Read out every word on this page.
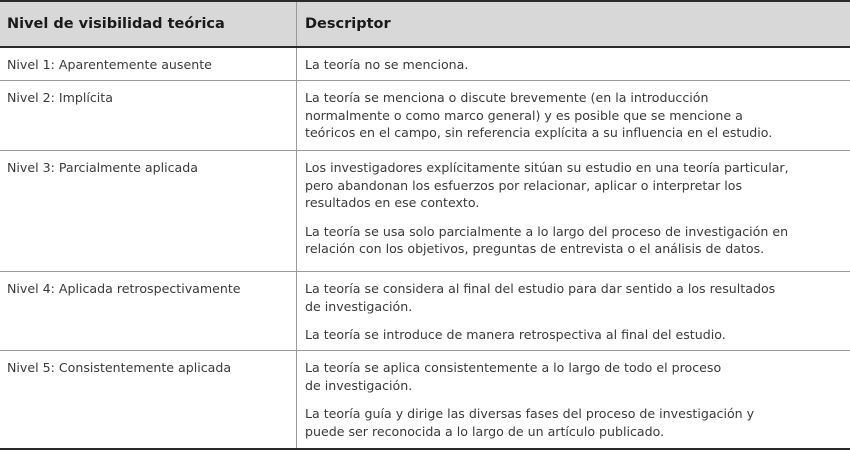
Nivel de visibilidad teórica	Descriptor
Nivel 1: Aparentemente ausente	La teoría no se menciona.

Nivel 2: Implícita	La teoría se menciona o discute brevemente (en la introducción
normalmente o como marco general) y es posible que se mencione a
teóricos en el campo, sin referencia explícita a su influencia en el estudio.

Nivel 3: Parcialmente aplicada	Los investigadores explícitamente sitúan su estudio en una teoría particular,
pero abandonan los esfuerzos por relacionar, aplicar o interpretar los
resultados en ese contexto.

La teoría se usa solo parcialmente a lo largo del proceso de investigación en
relación con los objetivos, preguntas de entrevista o el análisis de datos.

Nivel 4: Aplicada retrospectivamente	La teoría se considera al final del estudio para dar sentido a los resultados
de investigación.

La teoría se introduce de manera retrospectiva al final del estudio.

Nivel 5: Consistentemente aplicada	La teoría se aplica consistentemente a lo largo de todo el proceso
de investigación.

La teoría guía y dirige las diversas fases del proceso de investigación y
puede ser reconocida a lo largo de un artículo publicado.
